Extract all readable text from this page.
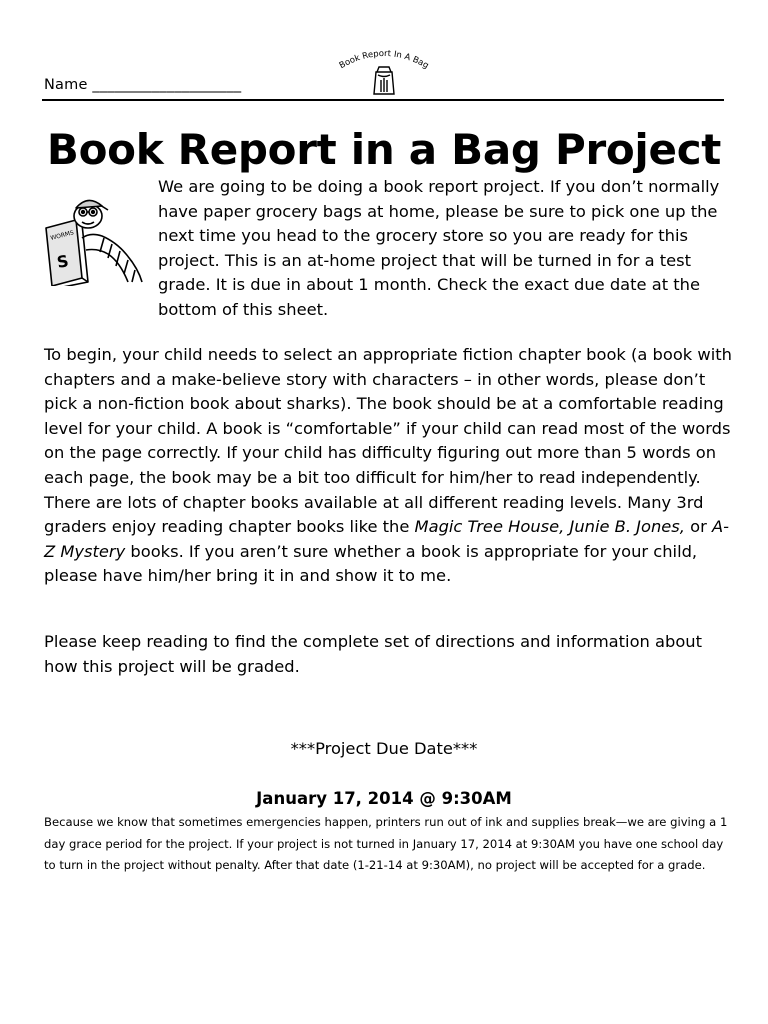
Name ____________________
Book Report In A Bag
Book Report in a Bag Project
WORMS
S

We are going to be doing a book report project. If you don’t normally have paper grocery bags at home, please be sure to pick one up the next time you head to the grocery store so you are ready for this project. This is an at-home project that will be turned in for a test grade. It is due in about 1 month. Check the exact due date at the bottom of this sheet.

To begin, your child needs to select an appropriate fiction chapter book (a book with chapters and a make-believe story with characters – in other words, please don’t pick a non-fiction book about sharks). The book should be at a comfortable reading level for your child. A book is “comfortable” if your child can read most of the words on the page correctly. If your child has difficulty figuring out more than 5 words on each page, the book may be a bit too difficult for him/her to read independently. There are lots of chapter books available at all different reading levels. Many 3rd graders enjoy reading chapter books like the Magic Tree House, Junie B. Jones, or A-Z Mystery books. If you aren’t sure whether a book is appropriate for your child, please have him/her bring it in and show it to me.

Please keep reading to find the complete set of directions and information about how this project will be graded.

***Project Due Date***
January 17, 2014 @ 9:30AM

Because we know that sometimes emergencies happen, printers run out of ink and supplies break—we are giving a 1 day grace period for the project. If your project is not turned in January 17, 2014 at 9:30AM you have one school day to turn in the project without penalty. After that date (1-21-14 at 9:30AM), no project will be accepted for a grade.
